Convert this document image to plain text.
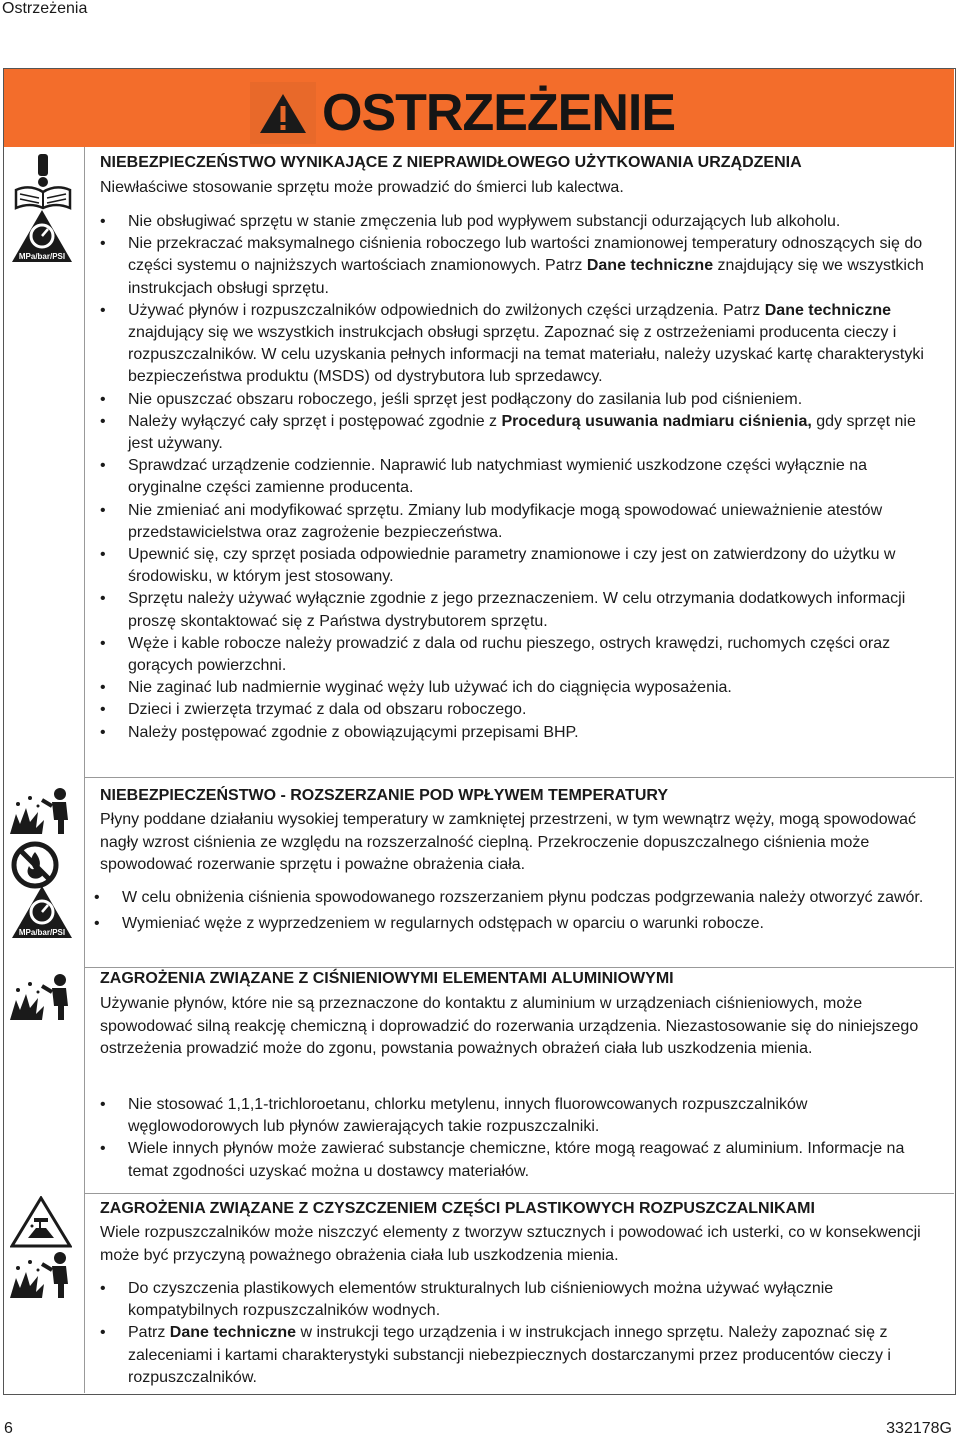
Ostrzeżenia
OSTRZEŻENIE
MPa/bar/PSI
MPa/bar/PSI
NIEBEZPIECZEŃSTWO WYNIKAJĄCE Z NIEPRAWIDŁOWEGO UŻYTKOWANIA URZĄDZENIA
Niewłaściwe stosowanie sprzętu może prowadzić do śmierci lub kalectwa.
• Nie obsługiwać sprzętu w stanie zmęczenia lub pod wypływem substancji odurzających lub alkoholu.
• Nie przekraczać maksymalnego ciśnienia roboczego lub wartości znamionowej temperatury odnoszących się do części systemu o najniższych wartościach znamionowych. Patrz Dane techniczne znajdujący się we wszystkich instrukcjach obsługi sprzętu.
• Używać płynów i rozpuszczalników odpowiednich do zwilżonych części urządzenia. Patrz Dane techniczne znajdujący się we wszystkich instrukcjach obsługi sprzętu. Zapoznać się z ostrzeżeniami producenta cieczy i rozpuszczalników. W celu uzyskania pełnych informacji na temat materiału, należy uzyskać kartę charakterystyki bezpieczeństwa produktu (MSDS) od dystrybutora lub sprzedawcy.
• Nie opuszczać obszaru roboczego, jeśli sprzęt jest podłączony do zasilania lub pod ciśnieniem.
• Należy wyłączyć cały sprzęt i postępować zgodnie z Procedurą usuwania nadmiaru ciśnienia, gdy sprzęt nie jest używany.
• Sprawdzać urządzenie codziennie. Naprawić lub natychmiast wymienić uszkodzone części wyłącznie na oryginalne części zamienne producenta.
• Nie zmieniać ani modyfikować sprzętu. Zmiany lub modyfikacje mogą spowodować unieważnienie atestów przedstawicielstwa oraz zagrożenie bezpieczeństwa.
• Upewnić się, czy sprzęt posiada odpowiednie parametry znamionowe i czy jest on zatwierdzony do użytku w środowisku, w którym jest stosowany.
• Sprzętu należy używać wyłącznie zgodnie z jego przeznaczeniem. W celu otrzymania dodatkowych informacji proszę skontaktować się z Państwa dystrybutorem sprzętu.
• Węże i kable robocze należy prowadzić z dala od ruchu pieszego, ostrych krawędzi, ruchomych części oraz gorących powierzchni.
• Nie zaginać lub nadmiernie wyginać węży lub używać ich do ciągnięcia wyposażenia.
• Dzieci i zwierzęta trzymać z dala od obszaru roboczego.
• Należy postępować zgodnie z obowiązującymi przepisami BHP.
NIEBEZPIECZEŃSTWO - ROZSZERZANIE POD WPŁYWEM TEMPERATURY
Płyny poddane działaniu wysokiej temperatury w zamkniętej przestrzeni, w tym wewnątrz węży, mogą spowodować nagły wzrost ciśnienia ze względu na rozszerzalność cieplną. Przekroczenie dopuszczalnego ciśnienia może spowodować rozerwanie sprzętu i poważne obrażenia ciała.
• W celu obniżenia ciśnienia spowodowanego rozszerzaniem płynu podczas podgrzewania należy otworzyć zawór.
• Wymieniać węże z wyprzedzeniem w regularnych odstępach w oparciu o warunki robocze.
ZAGROŻENIA ZWIĄZANE Z CIŚNIENIOWYMI ELEMENTAMI ALUMINIOWYMI
Używanie płynów, które nie są przeznaczone do kontaktu z aluminium w urządzeniach ciśnieniowych, może spowodować silną reakcję chemiczną i doprowadzić do rozerwania urządzenia. Niezastosowanie się do niniejszego ostrzeżenia prowadzić może do zgonu, powstania poważnych obrażeń ciała lub uszkodzenia mienia.
• Nie stosować 1,1,1-trichloroetanu, chlorku metylenu, innych fluorowcowanych rozpuszczalników węglowodorowych lub płynów zawierających takie rozpuszczalniki.
• Wiele innych płynów może zawierać substancje chemiczne, które mogą reagować z aluminium. Informacje na temat zgodności uzyskać można u dostawcy materiałów.
ZAGROŻENIA ZWIĄZANE Z CZYSZCZENIEM CZĘŚCI PLASTIKOWYCH ROZPUSZCZALNIKAMI
Wiele rozpuszczalników może niszczyć elementy z tworzyw sztucznych i powodować ich usterki, co w konsekwencji może być przyczyną poważnego obrażenia ciała lub uszkodzenia mienia.
• Do czyszczenia plastikowych elementów strukturalnych lub ciśnieniowych można używać wyłącznie kompatybilnych rozpuszczalników wodnych.
• Patrz Dane techniczne w instrukcji tego urządzenia i w instrukcjach innego sprzętu. Należy zapoznać się z zaleceniami i kartami charakterystyki substancji niebezpiecznych dostarczanymi przez producentów cieczy i rozpuszczalników.
6	332178G
